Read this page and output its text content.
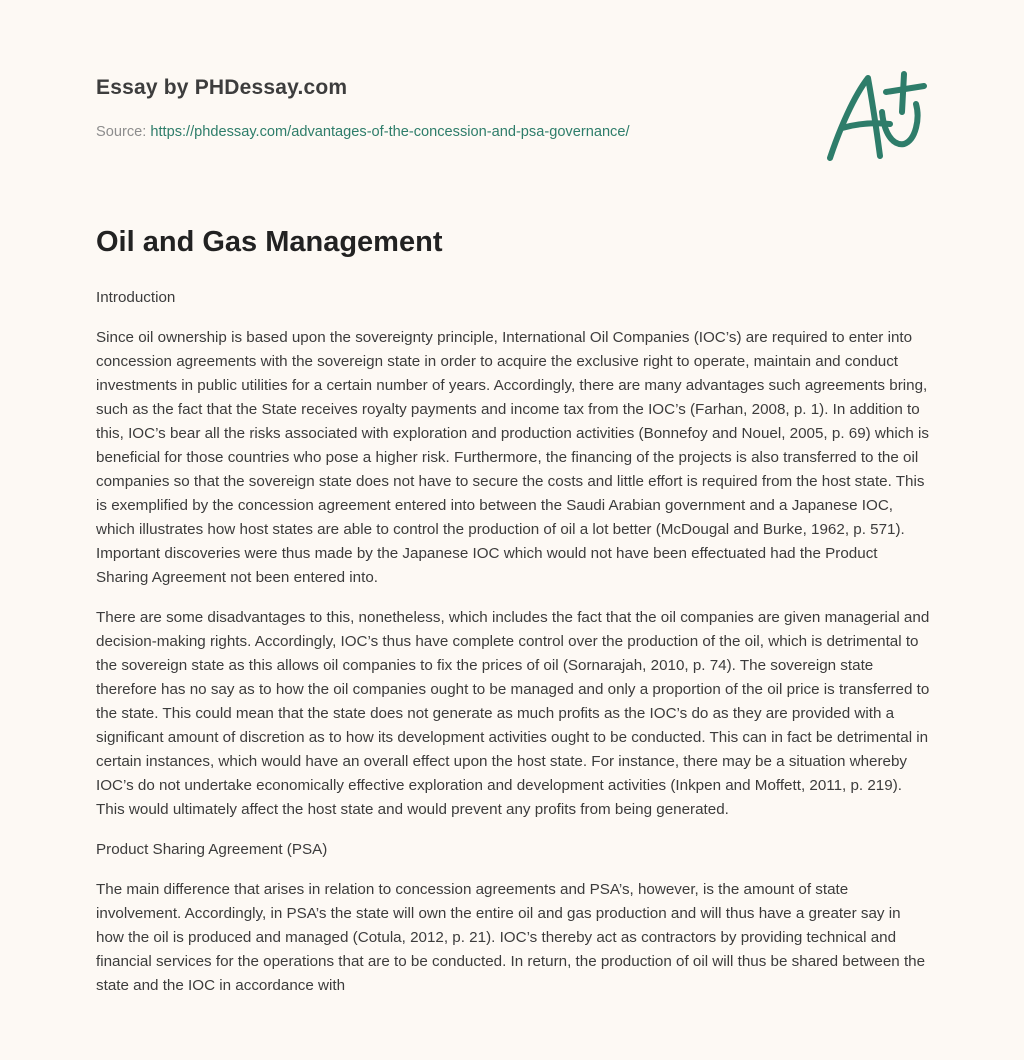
Essay by PHDessay.com
Source: https://phdessay.com/advantages-of-the-concession-and-psa-governance/
Oil and Gas Management

Introduction

Since oil ownership is based upon the sovereignty principle, International Oil Companies (IOC’s) are required to enter into concession agreements with the sovereign state in order to acquire the exclusive right to operate, maintain and conduct investments in public utilities for a certain number of years. Accordingly, there are many advantages such agreements bring, such as the fact that the State receives royalty payments and income tax from the IOC’s (Farhan, 2008, p. 1). In addition to this, IOC’s bear all the risks associated with exploration and production activities (Bonnefoy and Nouel, 2005, p. 69) which is beneficial for those countries who pose a higher risk. Furthermore, the financing of the projects is also transferred to the oil companies so that the sovereign state does not have to secure the costs and little effort is required from the host state. This is exemplified by the concession agreement entered into between the Saudi Arabian government and a Japanese IOC, which illustrates how host states are able to control the production of oil a lot better (McDougal and Burke, 1962, p. 571). Important discoveries were thus made by the Japanese IOC which would not have been effectuated had the Product Sharing Agreement not been entered into.

There are some disadvantages to this, nonetheless, which includes the fact that the oil companies are given managerial and decision-making rights. Accordingly, IOC’s thus have complete control over the production of the oil, which is detrimental to the sovereign state as this allows oil companies to fix the prices of oil (Sornarajah, 2010, p. 74). The sovereign state therefore has no say as to how the oil companies ought to be managed and only a proportion of the oil price is transferred to the state. This could mean that the state does not generate as much profits as the IOC’s do as they are provided with a significant amount of discretion as to how its development activities ought to be conducted. This can in fact be detrimental in certain instances, which would have an overall effect upon the host state. For instance, there may be a situation whereby IOC’s do not undertake economically effective exploration and development activities (Inkpen and Moffett, 2011, p. 219). This would ultimately affect the host state and would prevent any profits from being generated.

Product Sharing Agreement (PSA)

The main difference that arises in relation to concession agreements and PSA’s, however, is the amount of state involvement. Accordingly, in PSA’s the state will own the entire oil and gas production and will thus have a greater say in how the oil is produced and managed (Cotula, 2012, p. 21). IOC’s thereby act as contractors by providing technical and financial services for the operations that are to be conducted. In return, the production of oil will thus be shared between the state and the IOC in accordance with
